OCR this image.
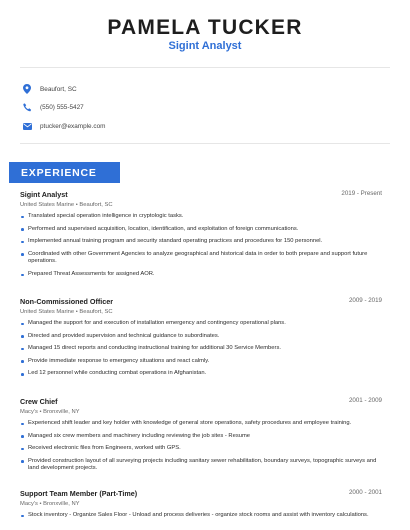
PAMELA TUCKER
Sigint Analyst
Beaufort, SC
(550) 555-5427
ptucker@example.com
EXPERIENCE
Sigint Analyst	2019 - Present
United States Marine • Beaufort, SC
Translated special operation intelligence in cryptologic tasks.
Performed and supervised acquisition, location, identification, and exploitation of foreign communications.
Implemented annual training program and security standard operating practices and procedures for 150 personnel.
Coordinated with other Government Agencies to analyze geographical and historical data in order to both prepare and support future operations.
Prepared Threat Assessments for assigned AOR.
Non-Commissioned Officer	2009 - 2019
United States Marine • Beaufort, SC
Managed the support for and execution of installation emergency and contingency operational plans.
Directed and provided supervision and technical guidance to subordinates.
Managed 15 direct reports and conducting instructional training for additional 30 Service Members.
Provide immediate response to emergency situations and react calmly.
Led 12 personnel while conducting combat operations in Afghanistan.
Crew Chief	2001 - 2009
Macy's • Bronxville, NY
Experienced shift leader and key holder with knowledge of general store operations, safety procedures and employee training.
Managed six crew members and machinery including reviewing the job sites - Resume
Received electronic files from Engineers, worked with GPS.
Provided construction layout of all surveying projects including sanitary sewer rehabilitation, boundary surveys, topographic surveys and land development projects.
Support Team Member (Part-Time)	2000 - 2001
Macy's • Bronxville, NY
Stock inventory - Organize Sales Floor - Unload and process deliveries - organize stock rooms and assist with inventory calculations.
